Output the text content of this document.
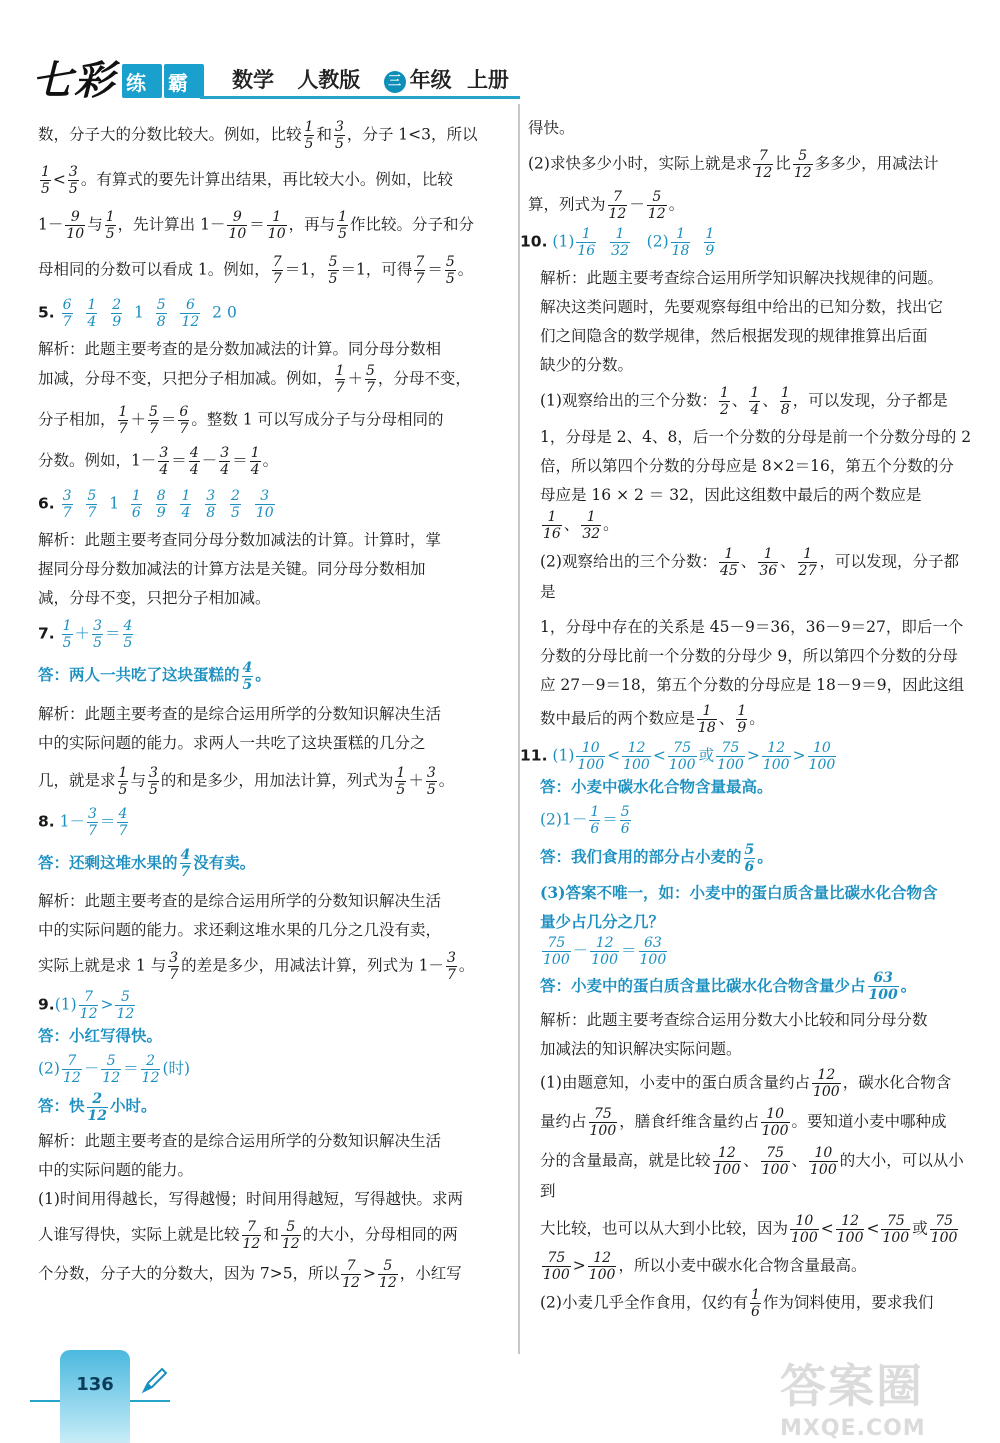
七 彩 练 霸 数学 人教版 三 年级 上册

数，分子大的分数比较大。例如，比较 $\frac{1}{5}$ 和 $\frac{3}{5}$ ，分子 1<3，所以

$\frac{1}{5} < \frac{3}{5}$ 。有算式的要先计算出结果，再比较大小。例如，比较

$1- \frac{9}{10}$ 与 $\frac{1}{5}$ ，先计算出 $1- \frac{9}{10} = \frac{1}{10}$ ，再与 $\frac{1}{5}$ 作比较。分子和分

母相同的分数可以看成 1。例如， $\frac{7}{7} =1$， $\frac{5}{5} =1$，可得 $\frac{7}{7} = \frac{5}{5}$ 。

5. $\frac{6}{7}$
$\frac{1}{4}$
$\frac{2}{9} 1 \frac{5}{8}$
$\frac{6}{12} 2$ 0

解析：此题主要考查的是分数加减法的计算。同分母分数相

加减，分母不变，只把分子相加减。例如， $\frac{1}{7} + \frac{5}{7}$ ，分母不变，

分子相加， $\frac{1}{7} + \frac{5}{7} = \frac{6}{7}$ 。整数 1 可以写成分子与分母相同的

分数。例如，$1- \frac{3}{4} = \frac{4}{4} - \frac{3}{4} = \frac{1}{4}$ 。

6. $\frac{3}{7}$
$\frac{5}{7} 1 \frac{1}{6}$
$\frac{8}{9}$
$\frac{1}{4}$
$\frac{3}{8}$
$\frac{2}{5}$
$\frac{3}{10}$

解析：此题主要考查同分母分数加减法的计算。计算时，掌

握同分母分数加减法的计算方法是关键。同分母分数相加

减，分母不变，只把分子相加减。

7. $\frac{1}{5} + \frac{3}{5} = \frac{4}{5}$

答：两人一共吃了这块蛋糕的 $\frac{4}{5}$ 。

解析：此题主要考查的是综合运用所学的分数知识解决生活

中的实际问题的能力。求两人一共吃了这块蛋糕的几分之

几，就是求 $\frac{1}{5}$ 与 $\frac{3}{5}$ 的和是多少，用加法计算，列式为 $\frac{1}{5} + \frac{3}{5}$ 。

8. $1- \frac{3}{7} = \frac{4}{7}$

答：还剩这堆水果的 $\frac{4}{7}$ 没有卖。

解析：此题主要考查的是综合运用所学的分数知识解决生活

中的实际问题的能力。求还剩这堆水果的几分之几没有卖，

实际上就是求 1 与 $\frac{3}{7}$ 的差是多少，用减法计算，列式为 $1- \frac{3}{7}$ 。

$9.(1) \frac{7}{12} > \frac{5}{12}$

答：小红写得快。

$(2) \frac{7}{12} - \frac{5}{12} = \frac{2}{12}$ (时)

答：快 $\frac{2}{12}$ 小时。

解析：此题主要考查的是综合运用所学的分数知识解决生活

中的实际问题的能力。

(1)时间用得越长，写得越慢；时间用得越短，写得越快。求两

人谁写得快，实际上就是比较 $\frac{7}{12}$ 和 $\frac{5}{12}$ 的大小，分母相同的两

个分数，分子大的分数大，因为 7>5，所以 $\frac{7}{12} > \frac{5}{12}$ ，小红写

得快。

(2)求快多少小时，实际上就是求 $\frac{7}{12}$ 比 $\frac{5}{12}$ 多多少，用减法计

算，列式为 $\frac{7}{12} - \frac{5}{12}$ 。

10. $(1) \frac{1}{16}$
$\frac{1}{32} (2) \frac{1}{18}$
$\frac{1}{9}$

解析：此题主要考查综合运用所学知识解决找规律的问题。

解决这类问题时，先要观察每组中给出的已知分数，找出它

们之间隐含的数学规律，然后根据发现的规律推算出后面

缺少的分数。

(1)观察给出的三个分数： $\frac{1}{2}$ 、 $\frac{1}{4}$ 、 $\frac{1}{8}$ ，可以发现，分子都是

1，分母是 2、4、8，后一个分数的分母是前一个分数分母的 2

倍，所以第四个分数的分母应是 8×2＝16，第五个分数的分

母应是 16 × 2 ＝ 32，因此这组数中最后的两个数应是

$\frac{1}{16}$ 、 $\frac{1}{32}$ 。

(2)观察给出的三个分数： $\frac{1}{45}$ 、 $\frac{1}{36}$ 、 $\frac{1}{27}$ ，可以发现，分子都是

1，分母中存在的关系是 45－9＝36，36－9＝27，即后一个

分数的分母比前一个分数的分母少 9，所以第四个分数的分母

应 27－9＝18，第五个分数的分母应是 18－9＝9，因此这组

数中最后的两个数应是 $\frac{1}{18}$ 、 $\frac{1}{9}$ 。

11. $(1) \frac{10}{100} < \frac{12}{100} < \frac{75}{100}$ 或 $\frac{75}{100} > \frac{12}{100} > \frac{10}{100}$

答：小麦中碳水化合物含量最高。

$(2)1- \frac{1}{6} = \frac{5}{6}$

答：我们食用的部分占小麦的 $\frac{5}{6}$ 。

(3)答案不唯一，如：小麦中的蛋白质含量比碳水化合物含

量少占几分之几？

$\frac{75}{100} - \frac{12}{100} = \frac{63}{100}$

答：小麦中的蛋白质含量比碳水化合物含量少占 $\frac{63}{100}$ 。

解析：此题主要考查综合运用分数大小比较和同分母分数

加减法的知识解决实际问题。

(1)由题意知，小麦中的蛋白质含量约占 $\frac{12}{100}$ ，碳水化合物含

量约占 $\frac{75}{100}$ ，膳食纤维含量约占 $\frac{10}{100}$ 。要知道小麦中哪种成

分的含量最高，就是比较 $\frac{12}{100}$ 、 $\frac{75}{100}$ 、 $\frac{10}{100}$ 的大小，可以从小到

大比较，也可以从大到小比较，因为 $\frac{10}{100} < \frac{12}{100} < \frac{75}{100}$ 或 $\frac{75}{100}$

$\frac{75}{100} > \frac{12}{100}$ ，所以小麦中碳水化合物含量最高。

(2)小麦几乎全作食用，仅约有 $\frac{1}{6}$ 作为饲料使用，要求我们

136	答案圈
MXQE.COM
